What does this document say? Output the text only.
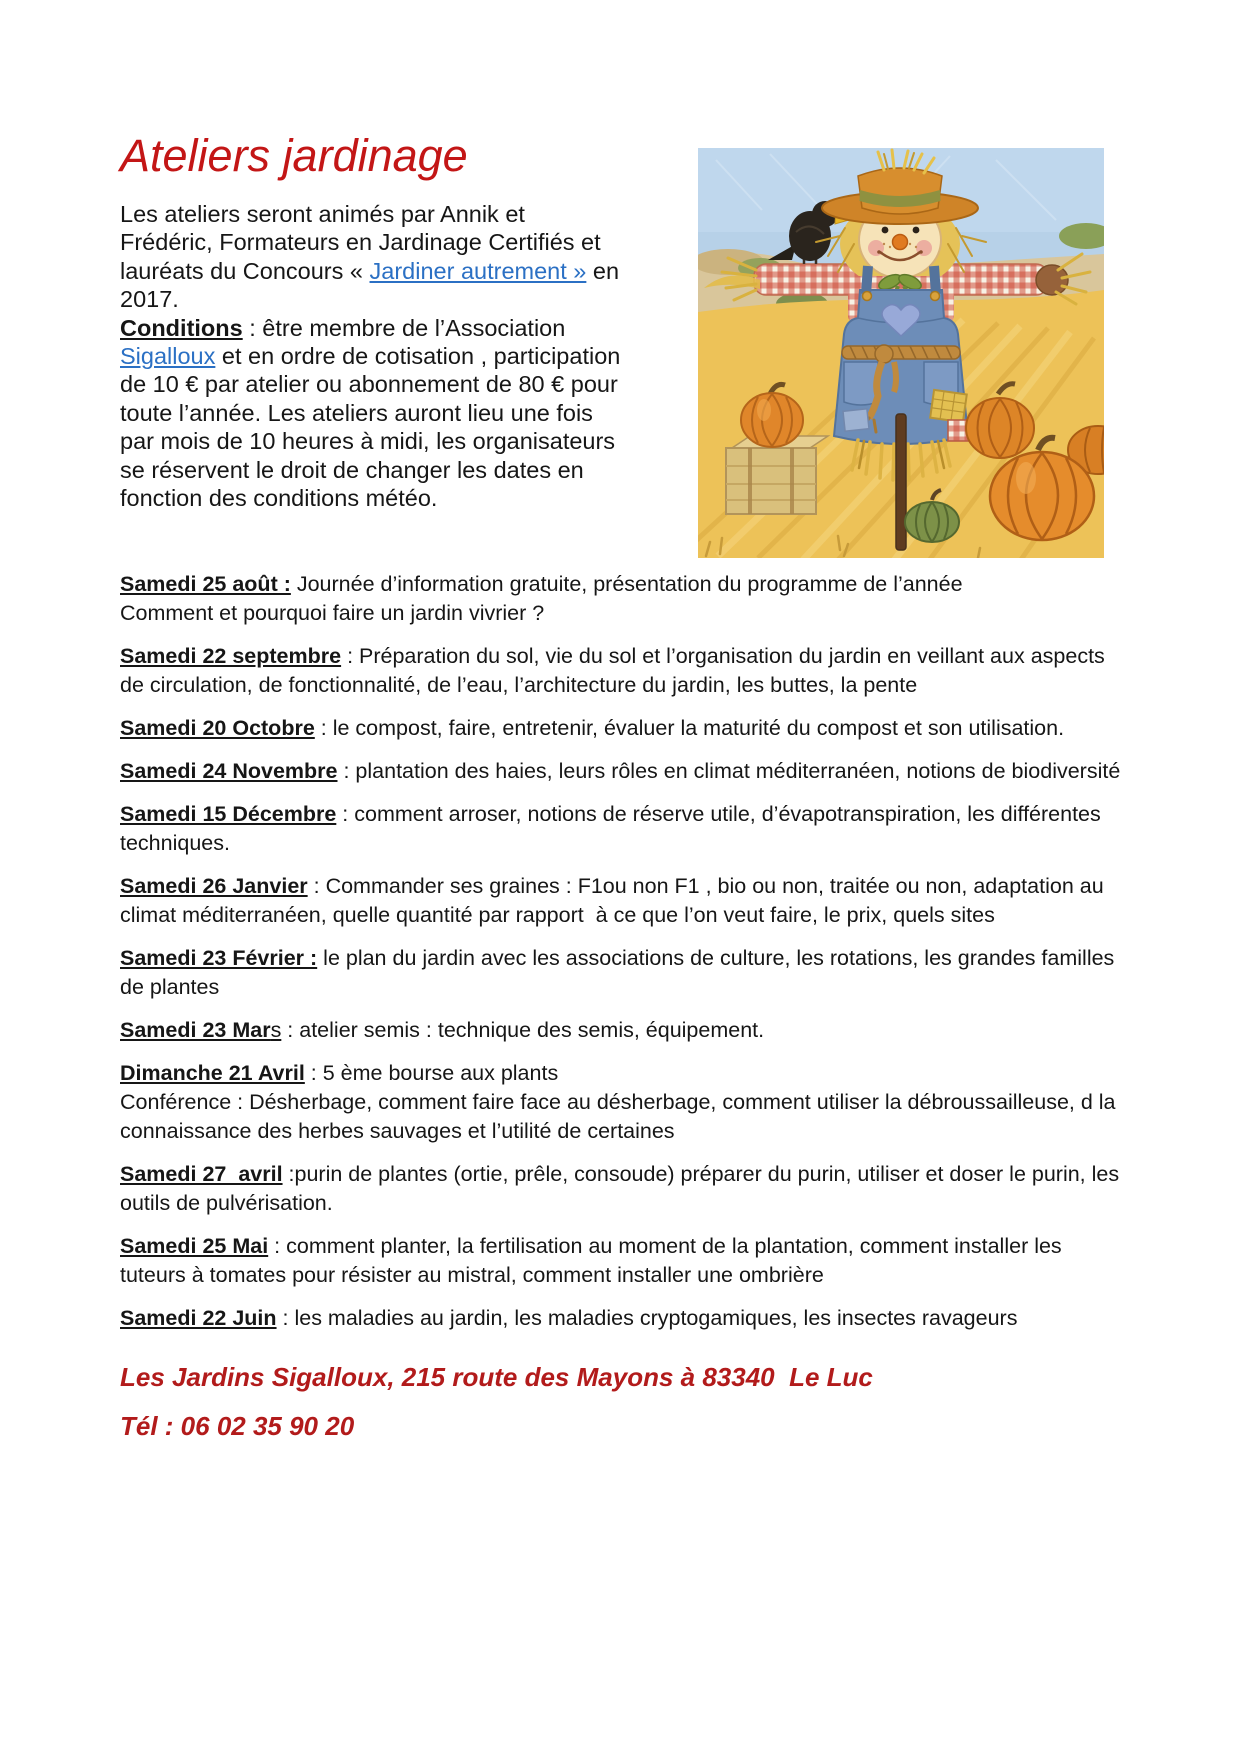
Ateliers jardinage
Les ateliers seront animés par Annik et Frédéric, Formateurs en Jardinage Certifiés et lauréats du Concours « Jardiner autrement » en 2017.
Conditions : être membre de l’Association Sigalloux et en ordre de cotisation , participation de 10 € par atelier ou abonnement de 80 € pour toute l’année. Les ateliers auront lieu une fois par mois de 10 heures à midi, les organisateurs se réservent le droit de changer les dates en fonction des conditions météo.

Samedi 25 août : Journée d’information gratuite, présentation du programme de l’année
Comment et pourquoi faire un jardin vivrier ?

Samedi 22 septembre : Préparation du sol, vie du sol et l’organisation du jardin en veillant aux aspects de circulation, de fonctionnalité, de l’eau, l’architecture du jardin, les buttes, la pente

Samedi 20 Octobre : le compost, faire, entretenir, évaluer la maturité du compost et son utilisation.

Samedi 24 Novembre : plantation des haies, leurs rôles en climat méditerranéen, notions de biodiversité

Samedi 15 Décembre : comment arroser, notions de réserve utile, d’évapotranspiration, les différentes techniques.

Samedi 26 Janvier : Commander ses graines : F1ou non F1 , bio ou non, traitée ou non, adaptation au climat méditerranéen, quelle quantité par rapport  à ce que l’on veut faire, le prix, quels sites

Samedi 23 Février : le plan du jardin avec les associations de culture, les rotations, les grandes familles de plantes

Samedi 23 Mars : atelier semis : technique des semis, équipement.

Dimanche 21 Avril : 5 ème bourse aux plants
Conférence : Désherbage, comment faire face au désherbage, comment utiliser la débroussailleuse, d la connaissance des herbes sauvages et l’utilité de certaines

Samedi 27  avril :purin de plantes (ortie, prêle, consoude) préparer du purin, utiliser et doser le purin, les outils de pulvérisation.

Samedi 25 Mai : comment planter, la fertilisation au moment de la plantation, comment installer les tuteurs à tomates pour résister au mistral, comment installer une ombrière

Samedi 22 Juin : les maladies au jardin, les maladies cryptogamiques, les insectes ravageurs

Les Jardins Sigalloux, 215 route des Mayons à 83340  Le Luc

Tél : 06 02 35 90 20
